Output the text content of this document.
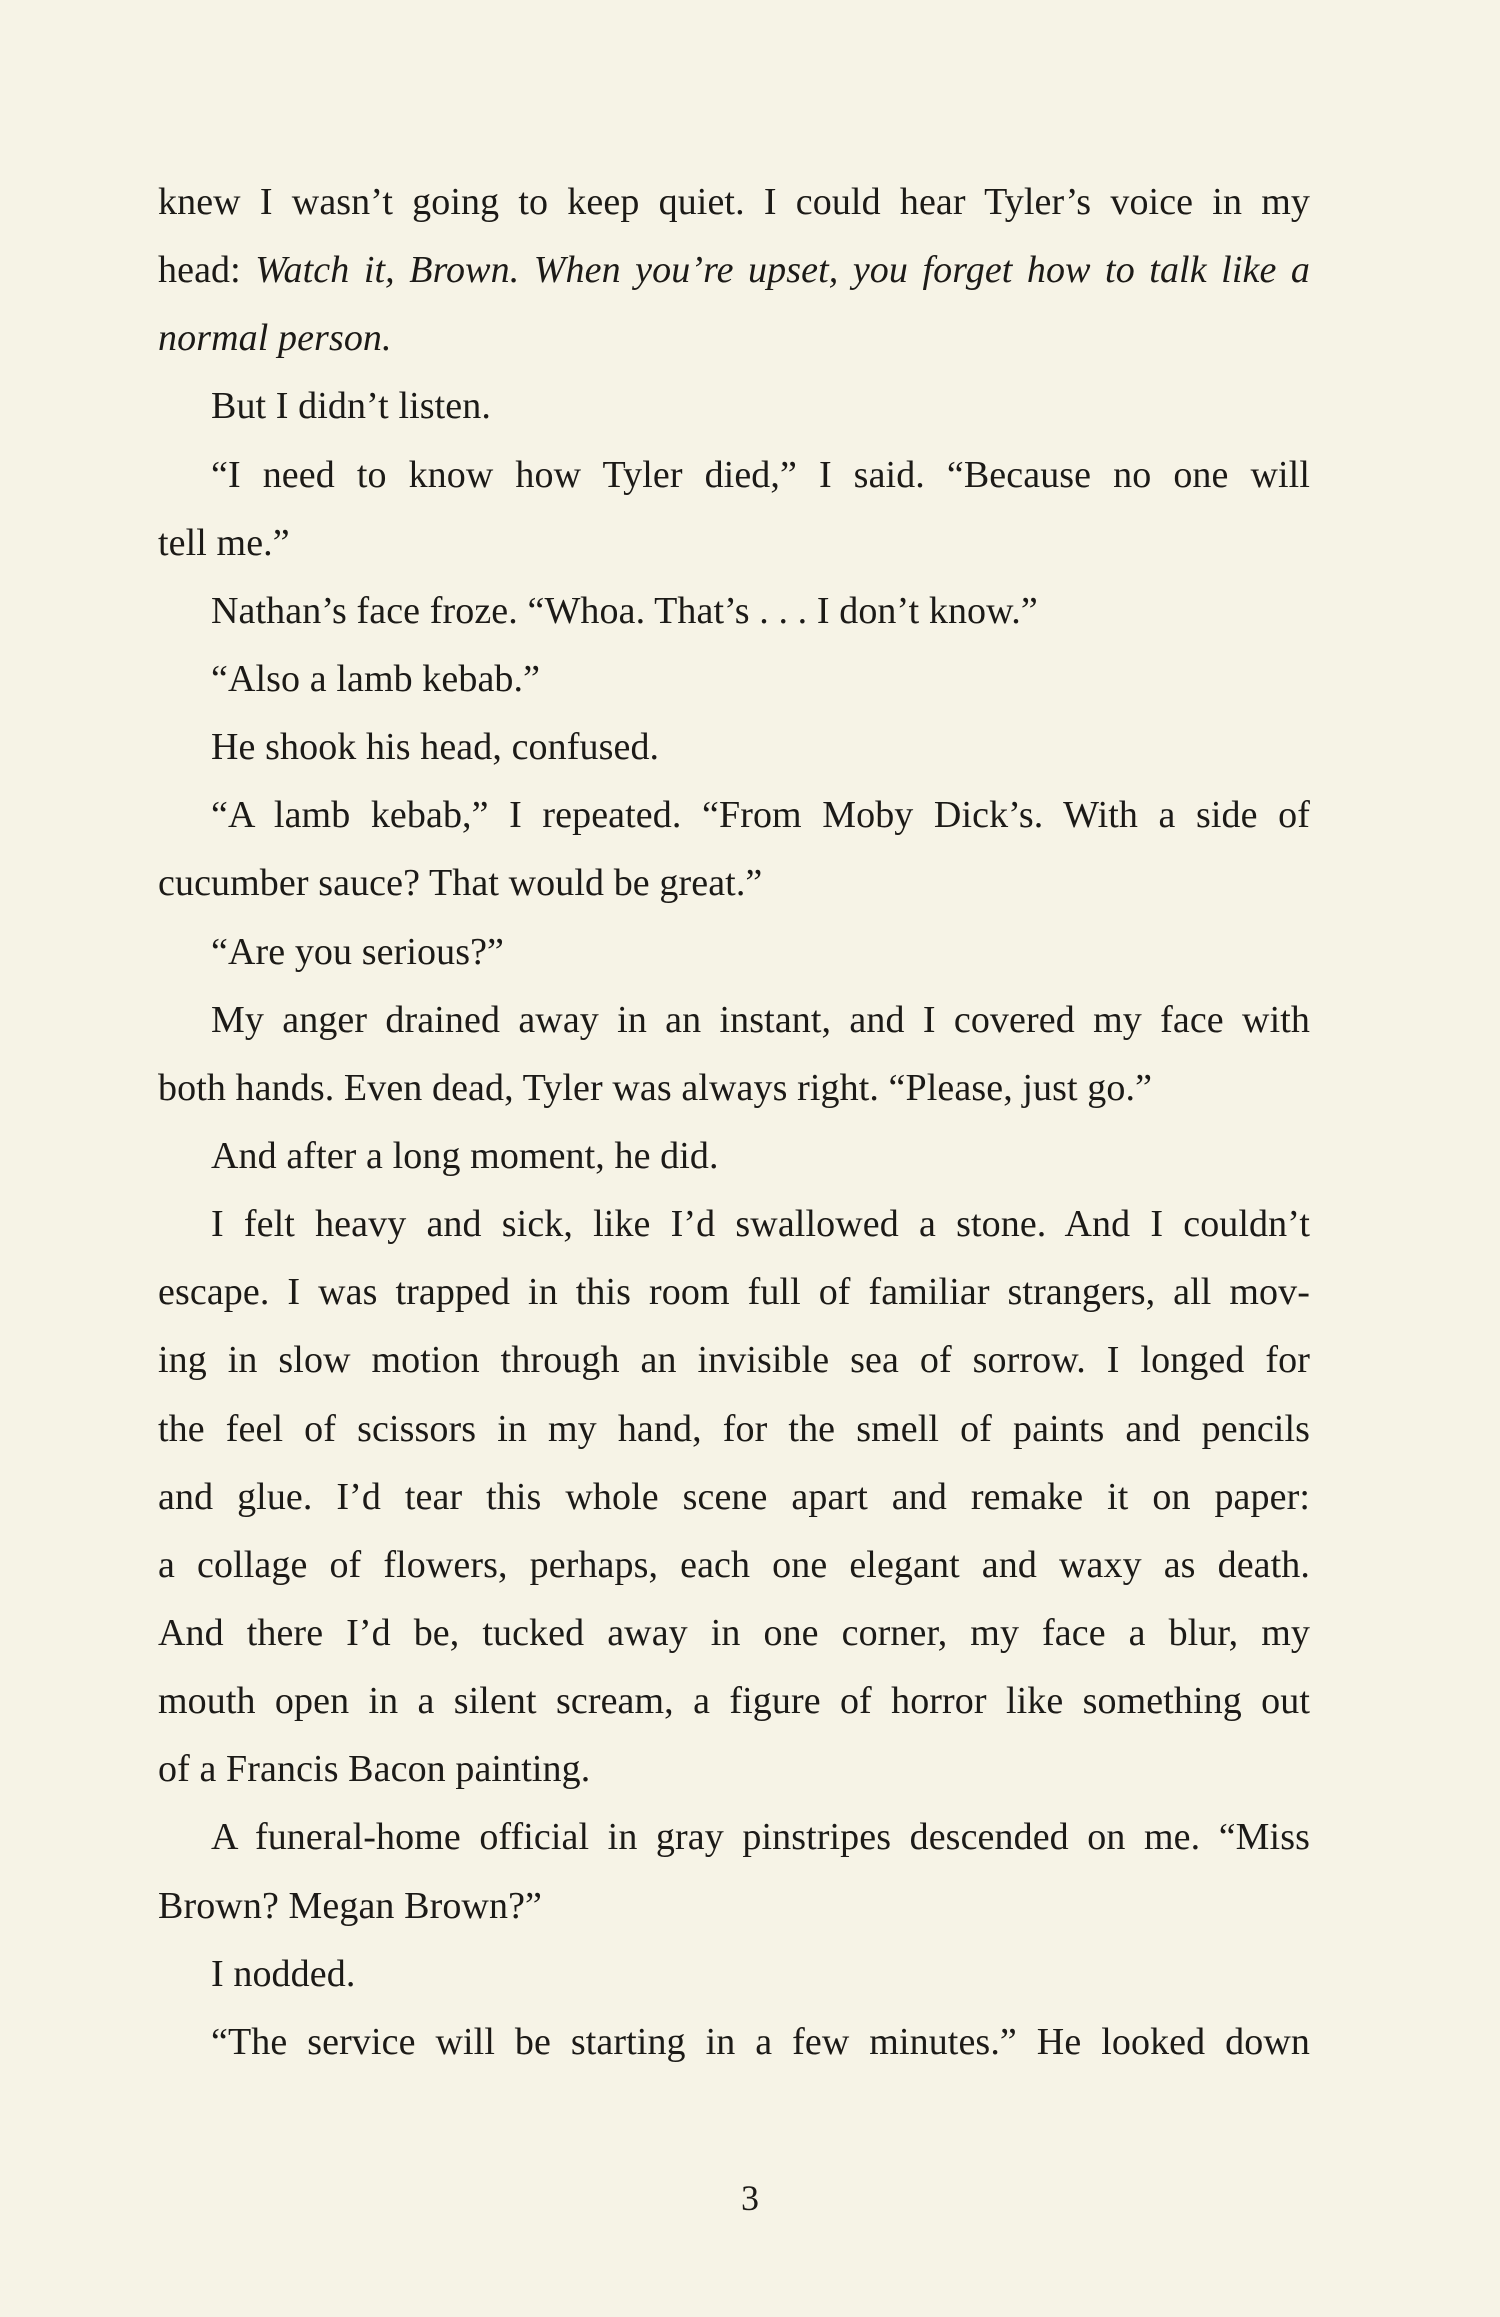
knew I wasn’t going to keep quiet. I could hear Tyler’s voice in my
head: Watch it, Brown. When you’re upset, you forget how to talk like a
normal person.
But I didn’t listen.
“I need to know how Tyler died,” I said. “Because no one will
tell me.”
Nathan’s face froze. “Whoa. That’s . . . I don’t know.”
“Also a lamb kebab.”
He shook his head, confused.
“A lamb kebab,” I repeated. “From Moby Dick’s. With a side of
cucumber sauce? That would be great.”
“Are you serious?”
My anger drained away in an instant, and I covered my face with
both hands. Even dead, Tyler was always right. “Please, just go.”
And after a long moment, he did.
I felt heavy and sick, like I’d swallowed a stone. And I couldn’t
escape. I was trapped in this room full of familiar strangers, all mov-
ing in slow motion through an invisible sea of sorrow. I longed for
the feel of scissors in my hand, for the smell of paints and pencils
and glue. I’d tear this whole scene apart and remake it on paper:
a collage of flowers, perhaps, each one elegant and waxy as death.
And there I’d be, tucked away in one corner, my face a blur, my
mouth open in a silent scream, a figure of horror like something out
of a Francis Bacon painting.
A funeral-home official in gray pinstripes descended on me. “Miss
Brown? Megan Brown?”
I nodded.
“The service will be starting in a few minutes.” He looked down
3
